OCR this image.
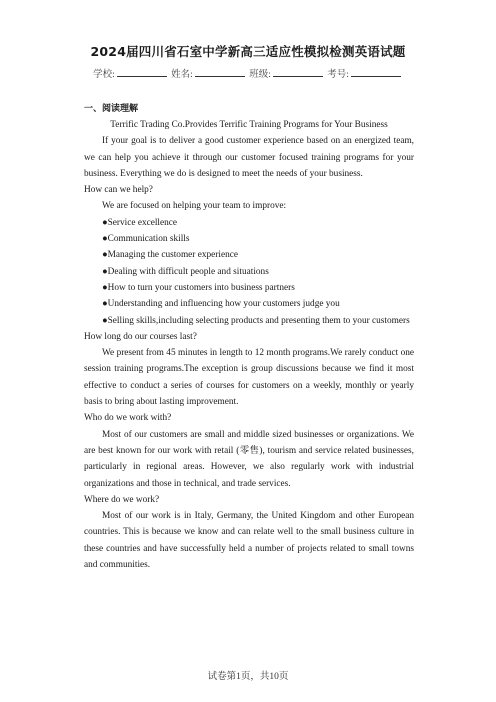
2024届四川省石室中学新高三适应性模拟检测英语试题
学校:	姓名:	班级:	考号:
一、阅读理解

Terrific Trading Co.Provides Terrific Training Programs for Your Business

If your goal is to deliver a good customer experience based on an energized team, we can help you achieve it through our customer focused training programs for your business. Everything we do is designed to meet the needs of your business.

How can we help?

We are focused on helping your team to improve:

●Service excellence

●Communication skills

●Managing the customer experience

●Dealing with difficult people and situations

●How to turn your customers into business partners

●Understanding and influencing how your customers judge you

●Selling skills,including selecting products and presenting them to your customers

How long do our courses last?

We present from 45 minutes in length to 12 month programs.We rarely conduct one session training programs.The exception is group discussions because we find it most effective to conduct a series of courses for customers on a weekly, monthly or yearly basis to bring about lasting improvement.

Who do we work with?

Most of our customers are small and middle sized businesses or organizations. We are best known for our work with retail (零售), tourism and service related businesses, particularly in regional areas. However, we also regularly work with industrial organizations and those in technical, and trade services.

Where do we work?

Most of our work is in Italy, Germany, the United Kingdom and other European countries. This is because we know and can relate well to the small business culture in these countries and have successfully held a number of projects related to small towns and communities.

试卷第1页，共10页
